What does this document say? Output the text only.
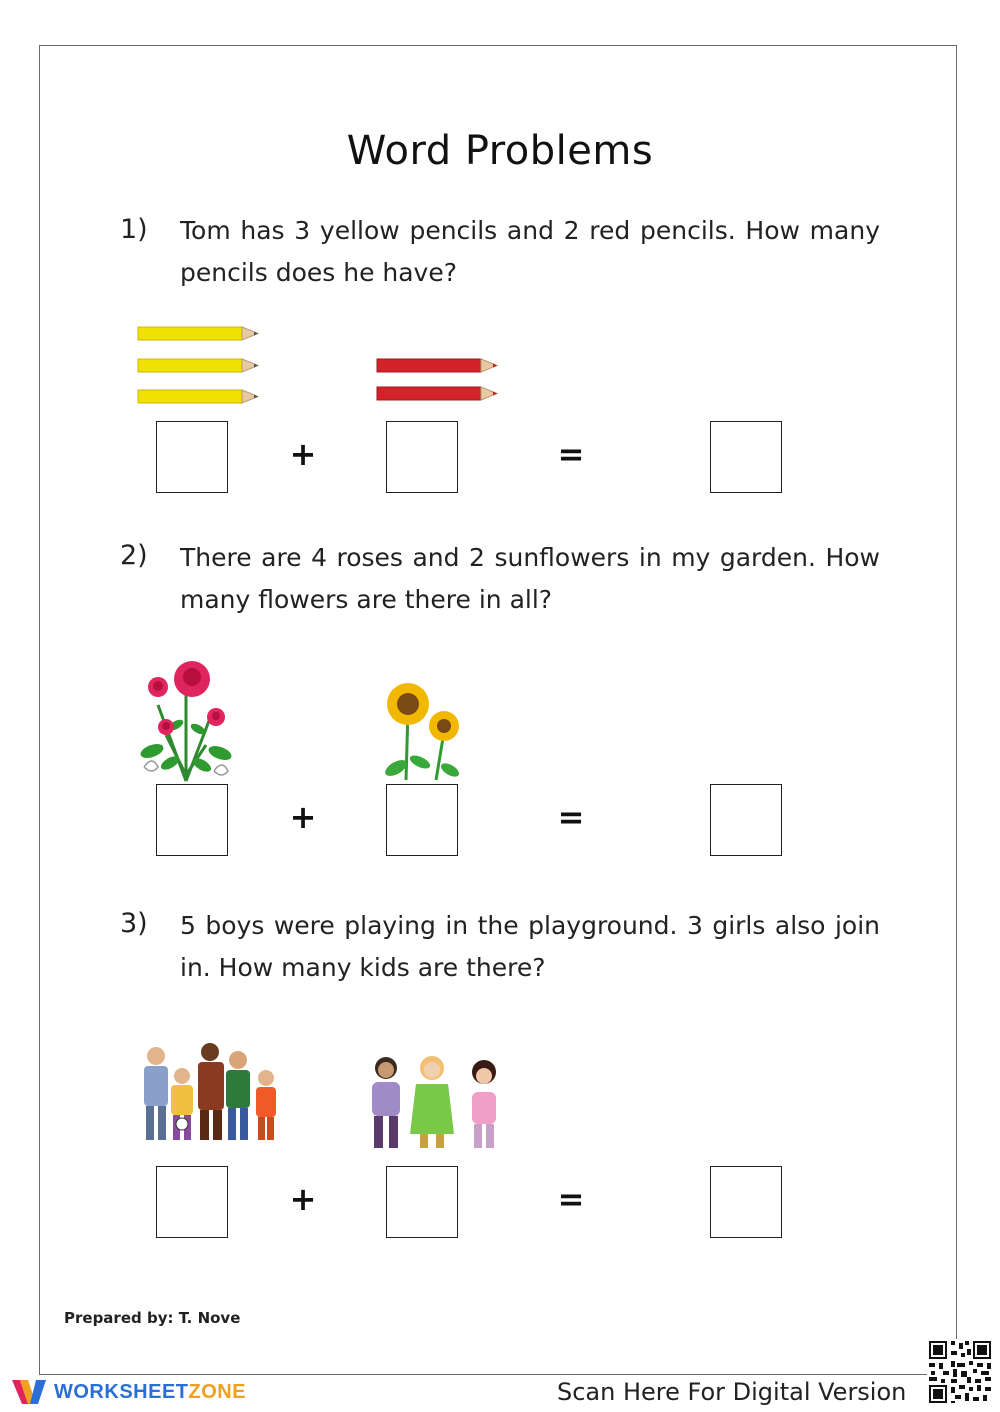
Word Problems
1) Tom has 3 yellow pencils and 2 red pencils. How many pencils does he have?
+	=
2) There are 4 roses and 2 sunflowers in my garden. How many flowers are there in all?
+	=
3) 5 boys were playing in the playground. 3 girls also join in. How many kids are there?
+	=
Prepared by: T. Nove
WORKSHEETZONE	Scan Here For Digital Version
